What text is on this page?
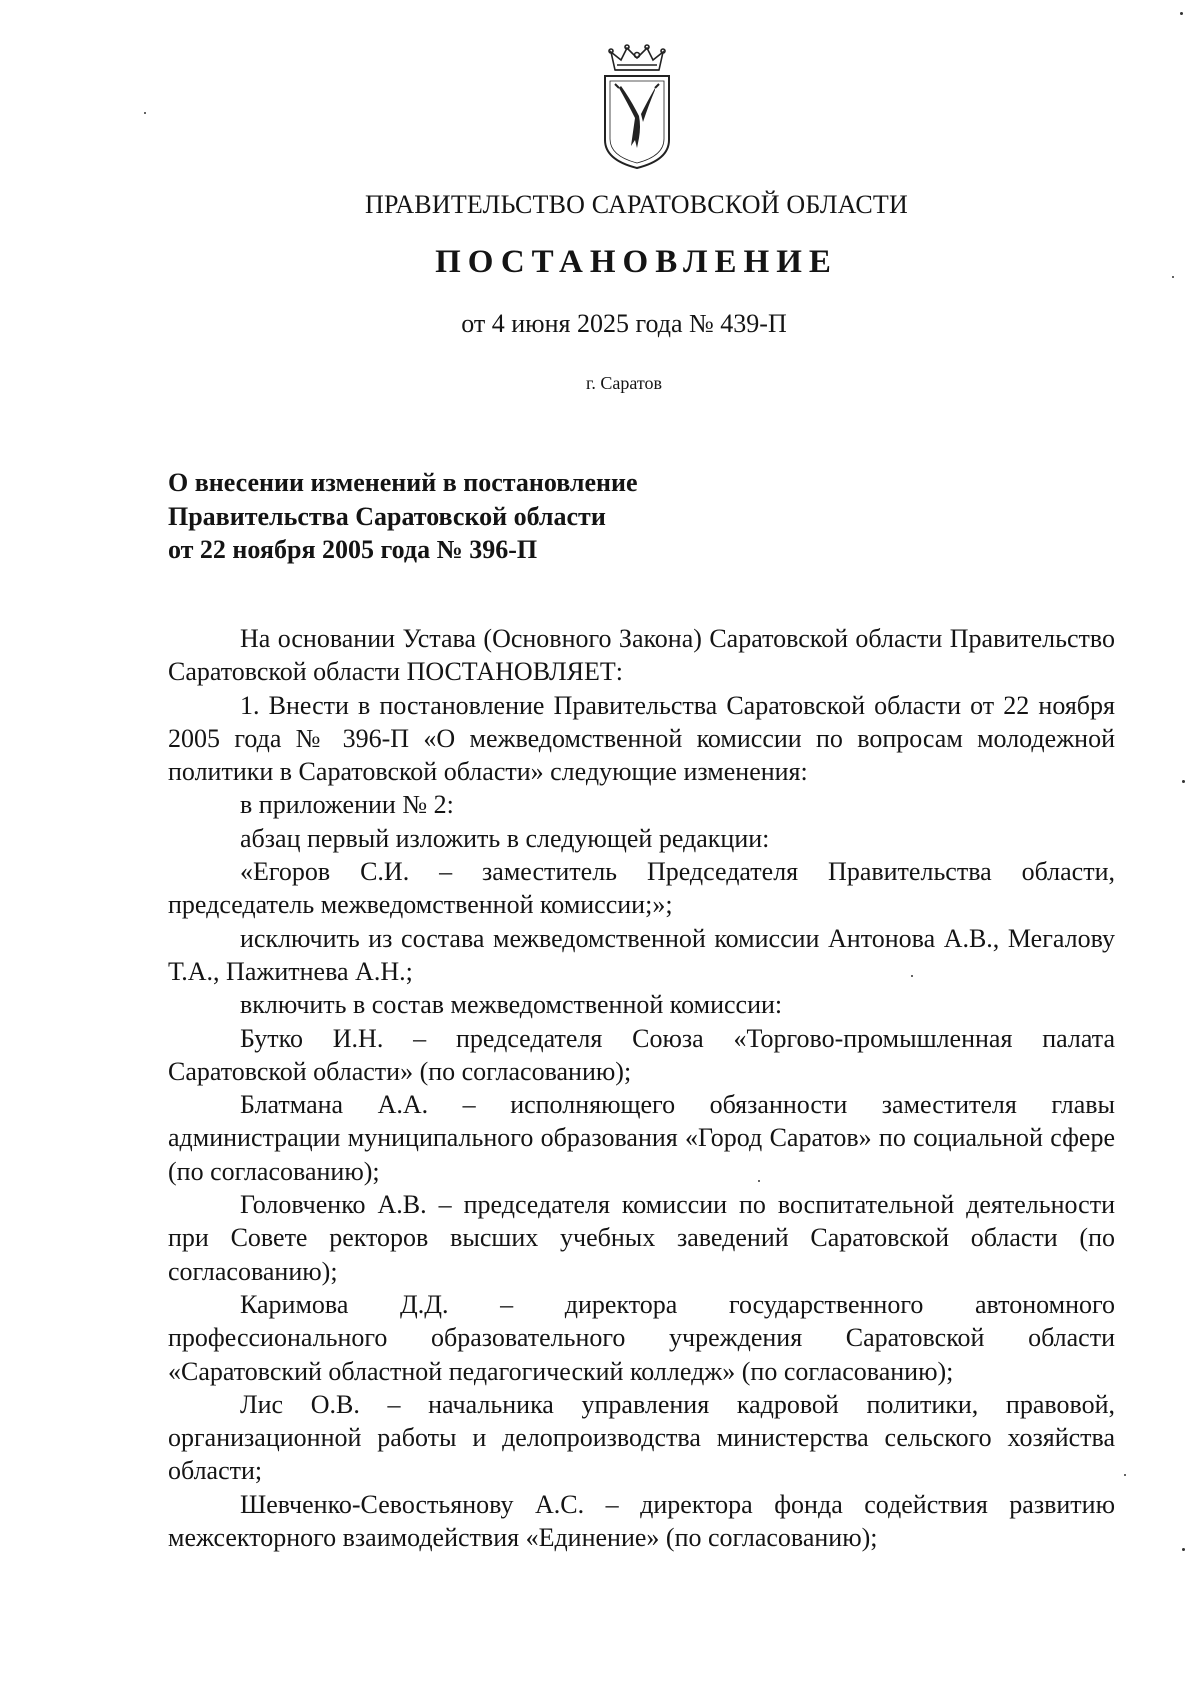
ПРАВИТЕЛЬСТВО САРАТОВСКОЙ ОБЛАСТИ
ПОСТАНОВЛЕНИЕ
от 4 июня 2025 года № 439-П
г. Саратов
О внесении изменений в постановление
Правительства Саратовской области
от 22 ноября 2005 года № 396-П

На основании Устава (Основного Закона) Саратовской области Правительство Саратовской области ПОСТАНОВЛЯЕТ:

1. Внести в постановление Правительства Саратовской области от 22 ноября 2005 года № 396-П «О межведомственной комиссии по вопросам молодежной политики в Саратовской области» следующие изменения:

в приложении № 2:

абзац первый изложить в следующей редакции:

«Егоров С.И. – заместитель Председателя Правительства области, председатель межведомственной комиссии;»;

исключить из состава межведомственной комиссии Антонова А.В., Мегалову Т.А., Пажитнева А.Н.;

включить в состав межведомственной комиссии:

Бутко И.Н. – председателя Союза «Торгово-промышленная палата Саратовской области» (по согласованию);

Блатмана А.А. – исполняющего обязанности заместителя главы администрации муниципального образования «Город Саратов» по социальной сфере (по согласованию);

Головченко А.В. – председателя комиссии по воспитательной деятельности при Совете ректоров высших учебных заведений Саратовской области (по согласованию);

Каримова Д.Д. – директора государственного автономного профессионального образовательного учреждения Саратовской области «Саратовский областной педагогический колледж» (по согласованию);

Лис О.В. – начальника управления кадровой политики, правовой, организационной работы и делопроизводства министерства сельского хозяйства области;

Шевченко-Севостьянову А.С. – директора фонда содействия развитию межсекторного взаимодействия «Единение» (по согласованию);
